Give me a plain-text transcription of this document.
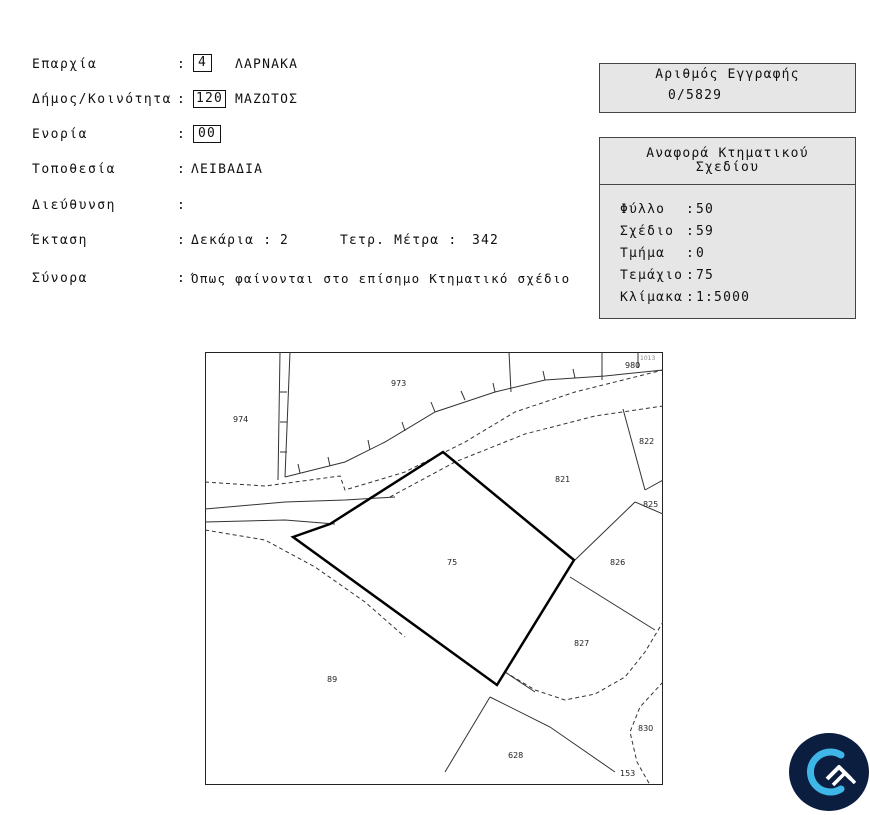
Επαρχία	:	4	ΛΑΡΝΑΚΑ
Δήμος/Κοινότητα : 120 ΜΑΖΩΤΟΣ
Ενορία	:	00
Τοποθεσία	: ΛΕΙΒΑΔΙΑ
Διεύθυνση	:
Έκταση	: Δεκάρια : 2	Τετρ. Μέτρα : 342
Σύνορα	: Όπως φαίνονται στο επίσημο Κτηματικό σχέδιο
Αριθμός Εγγραφής
0/5829
Αναφορά Κτηματικού
Σχεδίου
Φύλλο : 50
Σχέδιο : 59
Τμήμα : 0
Τεμάχιο : 75
Κλίμακα : 1:5000
973
974
980
1013
822
821
825
826
75
827
89
830
628
153
